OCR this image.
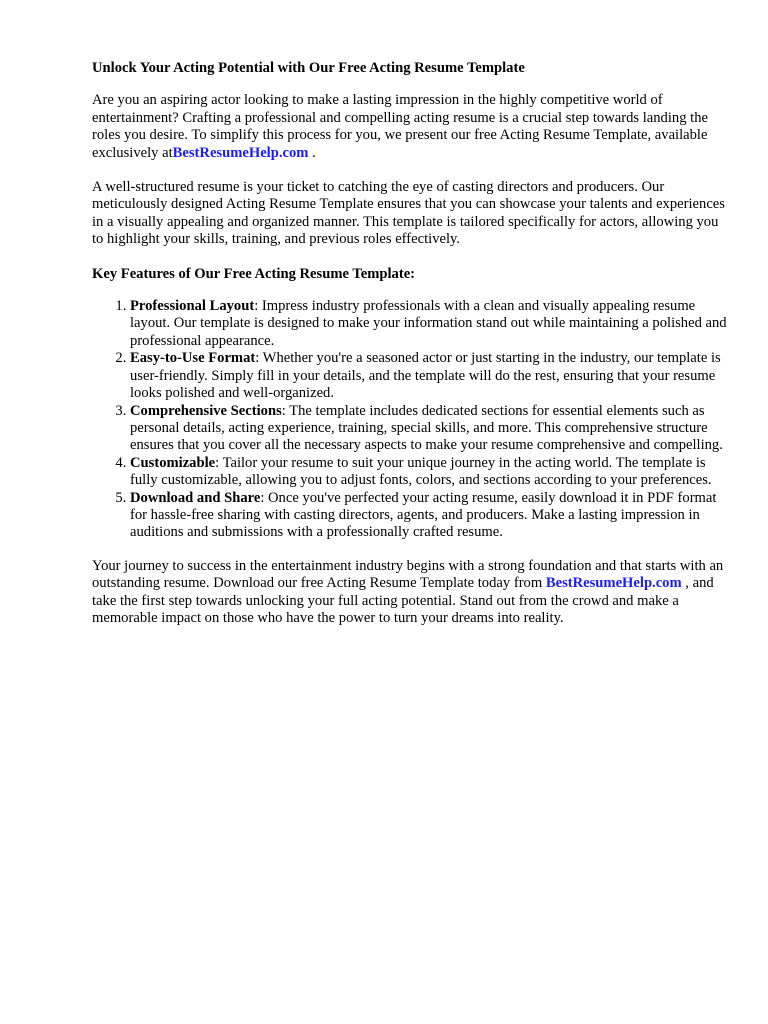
Unlock Your Acting Potential with Our Free Acting Resume Template

Are you an aspiring actor looking to make a lasting impression in the highly competitive world of entertainment? Crafting a professional and compelling acting resume is a crucial step towards landing the roles you desire. To simplify this process for you, we present our free Acting Resume Template, available exclusively atBestResumeHelp.com .

A well-structured resume is your ticket to catching the eye of casting directors and producers. Our meticulously designed Acting Resume Template ensures that you can showcase your talents and experiences in a visually appealing and organized manner. This template is tailored specifically for actors, allowing you to highlight your skills, training, and previous roles effectively.

Key Features of Our Free Acting Resume Template:
1. Professional Layout: Impress industry professionals with a clean and visually appealing resume layout. Our template is designed to make your information stand out while maintaining a polished and professional appearance.
2. Easy-to-Use Format: Whether you're a seasoned actor or just starting in the industry, our template is user-friendly. Simply fill in your details, and the template will do the rest, ensuring that your resume looks polished and well-organized.
3. Comprehensive Sections: The template includes dedicated sections for essential elements such as personal details, acting experience, training, special skills, and more. This comprehensive structure ensures that you cover all the necessary aspects to make your resume comprehensive and compelling.
4. Customizable: Tailor your resume to suit your unique journey in the acting world. The template is fully customizable, allowing you to adjust fonts, colors, and sections according to your preferences.
5. Download and Share: Once you've perfected your acting resume, easily download it in PDF format for hassle-free sharing with casting directors, agents, and producers. Make a lasting impression in auditions and submissions with a professionally crafted resume.

Your journey to success in the entertainment industry begins with a strong foundation and that starts with an outstanding resume. Download our free Acting Resume Template today from BestResumeHelp.com , and take the first step towards unlocking your full acting potential. Stand out from the crowd and make a memorable impact on those who have the power to turn your dreams into reality.
